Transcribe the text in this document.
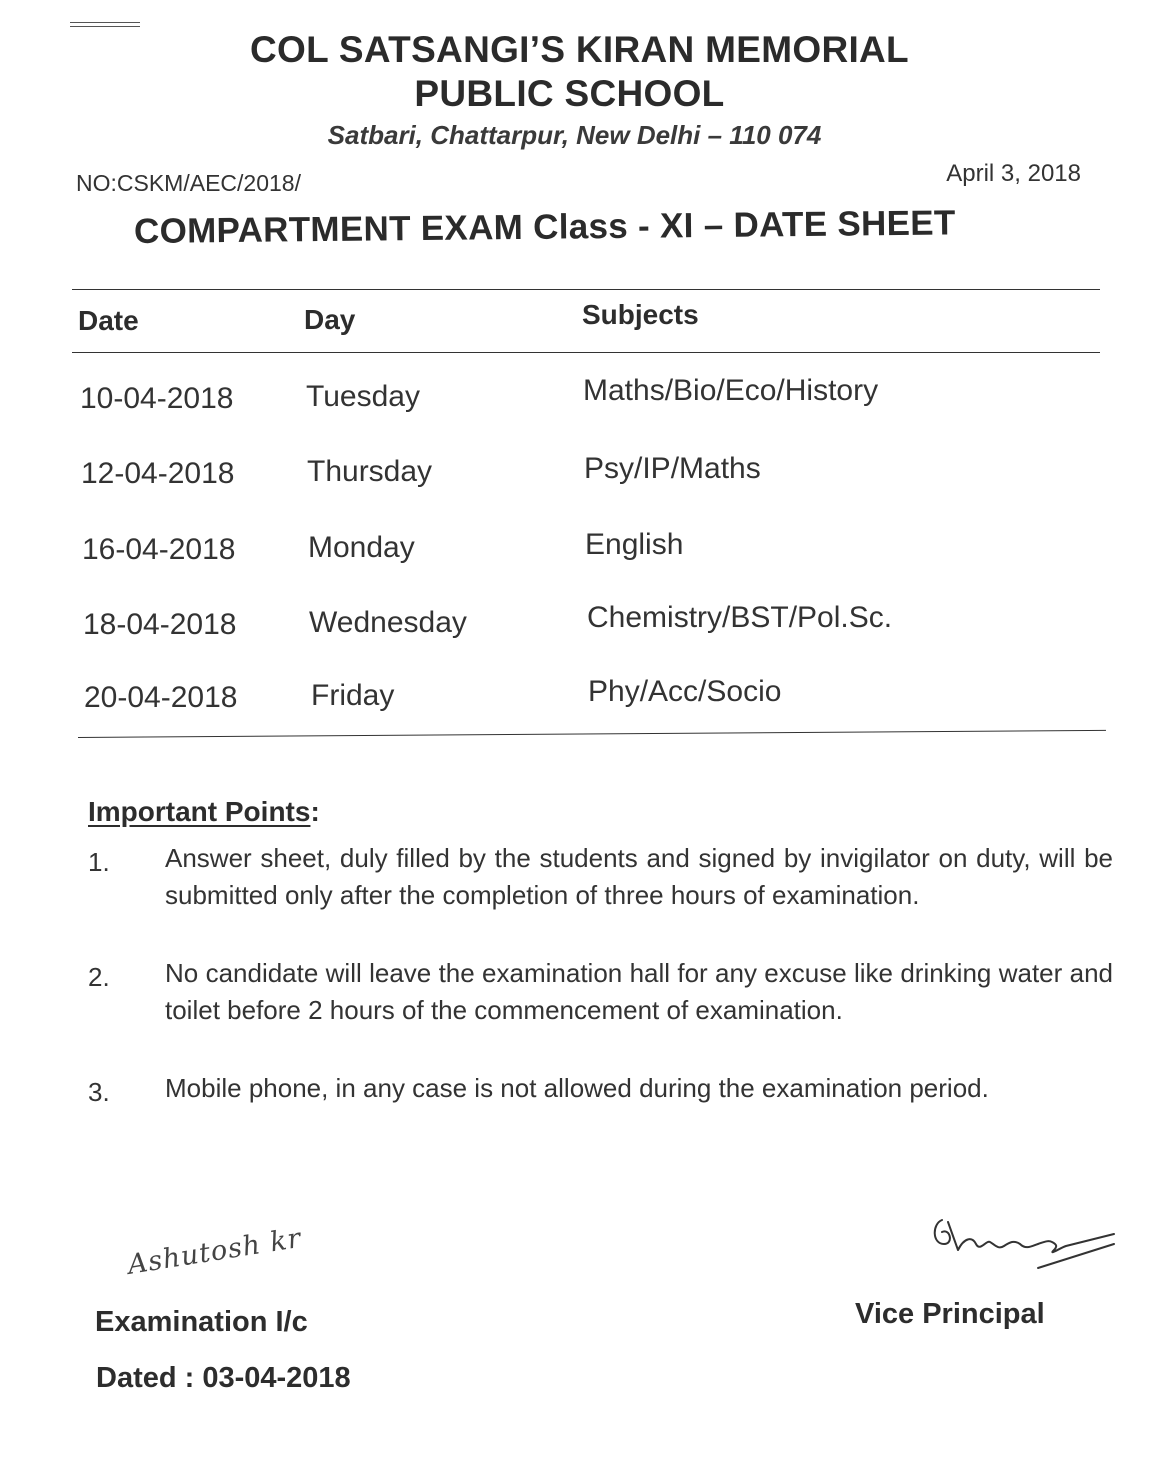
COL SATSANGI’S KIRAN MEMORIAL
PUBLIC SCHOOL
Satbari, Chattarpur, New Delhi – 110 074
NO:CSKM/AEC/2018/	April 3, 2018
COMPARTMENT EXAM Class - XI – DATE SHEET
Date	Day	Subjects
10-04-2018 Tuesday	Maths/Bio/Eco/History
12-04-2018 Thursday	Psy/IP/Maths
16-04-2018 Monday	English
18-04-2018 Wednesday	Chemistry/BST/Pol.Sc.
20-04-2018 Friday	Phy/Acc/Socio
Important Points:
1.	Answer sheet, duly filled by the students and signed by invigilator on duty, will be submitted only after the completion of three hours of examination.
2.	No candidate will leave the examination hall for any excuse like drinking water and toilet before 2 hours of the commencement of examination.
3.	Mobile phone, in any case is not allowed during the examination period.
Ashutosh kr
Examination I/c	Vice Principal
Dated : 03-04-2018
